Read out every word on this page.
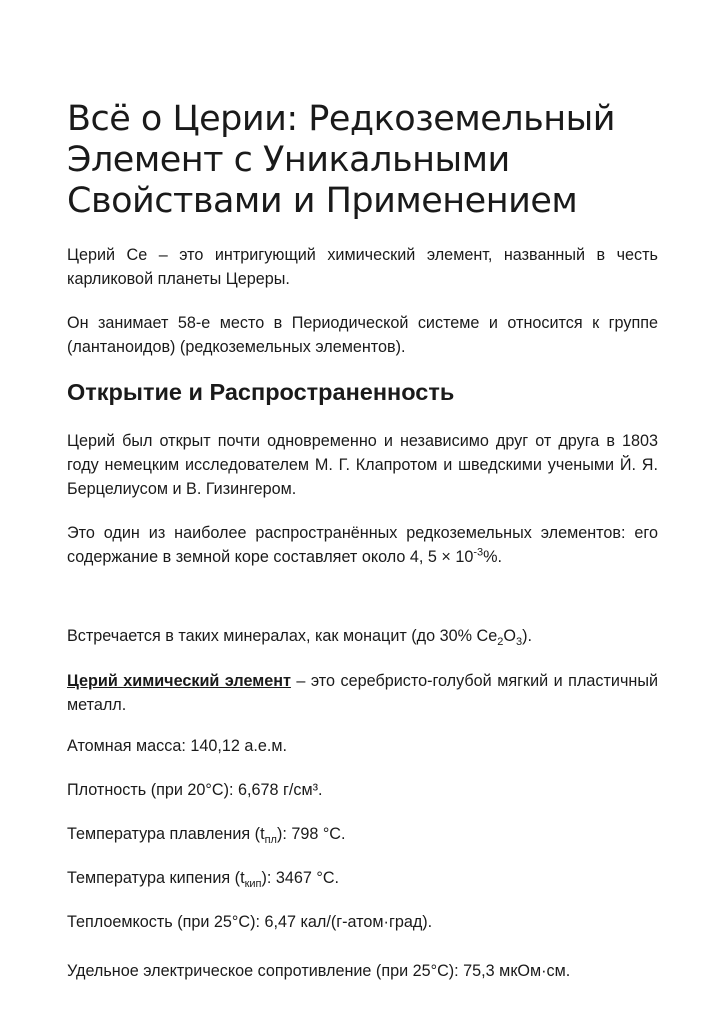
Всё о Церии: Редкоземельный Элемент с Уникальными Свойствами и Применением

Церий Ce – это интригующий химический элемент, названный в честь карликовой планеты Цереры.

Он занимает 58-е место в Периодической системе и относится к группе (лантаноидов) (редкоземельных элементов).

Открытие и Распространенность

Церий был открыт почти одновременно и независимо друг от друга в 1803 году немецким исследователем М. Г. Клапротом и шведскими учеными Й. Я. Берцелиусом и В. Гизингером.

Это один из наиболее распространённых редкоземельных элементов: его содержание в земной коре составляет около 4, $5 \times 10^{-3}\%$.

Встречается в таких минералах, как монацит (до 30% $Ce_2O_3$).

Церий химический элемент – это серебристо-голубой мягкий и пластичный металл.

Атомная масса: 140,12 а.е.м.

Плотность (при 20°C): 6,678 г/см³.

Температура плавления $(t_{пл})$: 798 °C.

Температура кипения $(t_{кип})$: 3467 °C.

Теплоемкость (при 25°C): 6,47 кал/(г-атом·град).

Удельное электрическое сопротивление (при 25°C): 75,3 мкОм·см.
